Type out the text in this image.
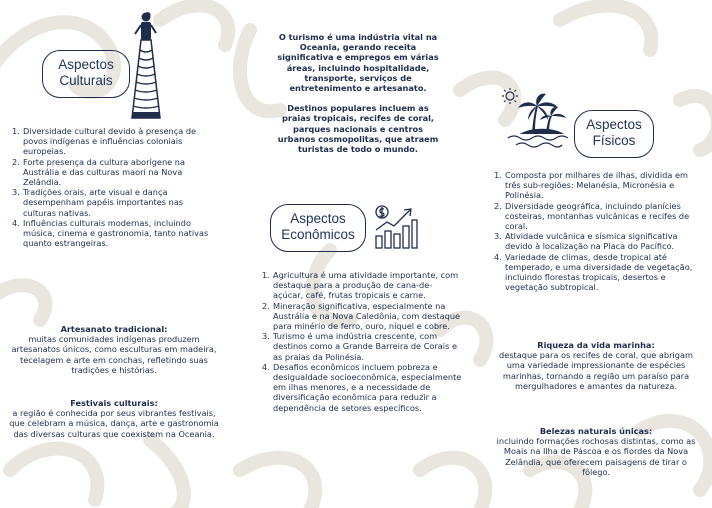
Aspectos
Culturais
1. Diversidade cultural devido à presença de povos indígenas e influências coloniais europeias.
2. Forte presença da cultura aborígene na Austrália e das culturas maori na Nova Zelândia.
3. Tradições orais, arte visual e dança desempenham papéis importantes nas culturas nativas.
4. Influências culturais modernas, incluindo música, cinema e gastronomia, tanto nativas quanto estrangeiras.
Artesanato tradicional:
muitas comunidades indígenas produzem artesanatos únicos, como esculturas em madeira, tecelagem e arte em conchas, refletindo suas tradições e histórias.
Festivais culturais:
a região é conhecida por seus vibrantes festivais, que celebram a música, dança, arte e gastronomia das diversas culturas que coexistem na Oceania.

O turismo é uma indústria vital na Oceania, gerando receita significativa e empregos em várias áreas, incluindo hospitalidade, transporte, serviços de entretenimento e artesanato.

Destinos populares incluem as praias tropicais, recifes de coral, parques nacionais e centros urbanos cosmopolitas, que atraem turistas de todo o mundo.

Aspectos
Econômicos
1. Agricultura é uma atividade importante, com destaque para a produção de cana-de-açúcar, café, frutas tropicais e carne.
2. Mineração significativa, especialmente na Austrália e na Nova Caledônia, com destaque para minério de ferro, ouro, níquel e cobre.
3. Turismo é uma indústria crescente, com destinos como a Grande Barreira de Corais e as praias da Polinésia.
4. Desafios econômicos incluem pobreza e desigualdade socioeconômica, especialmente em ilhas menores, e a necessidade de diversificação econômica para reduzir a dependência de setores específicos.
Aspectos
Físicos
1. Composta por milhares de ilhas, dividida em três sub-regiões: Melanésia, Micronésia e Polinésia.
2. Diversidade geográfica, incluindo planícies costeiras, montanhas vulcânicas e recifes de coral.
3. Atividade vulcânica e sísmica significativa devido à localização na Placa do Pacífico.
4. Variedade de climas, desde tropical até temperado, e uma diversidade de vegetação, incluindo florestas tropicais, desertos e vegetação subtropical.
Riqueza da vida marinha:
destaque para os recifes de coral, que abrigam uma variedade impressionante de espécies marinhas, tornando a região um paraíso para mergulhadores e amantes da natureza.
Belezas naturais únicas:
incluindo formações rochosas distintas, como as Moais na Ilha de Páscoa e os fiordes da Nova Zelândia, que oferecem paisagens de tirar o fôlego.
